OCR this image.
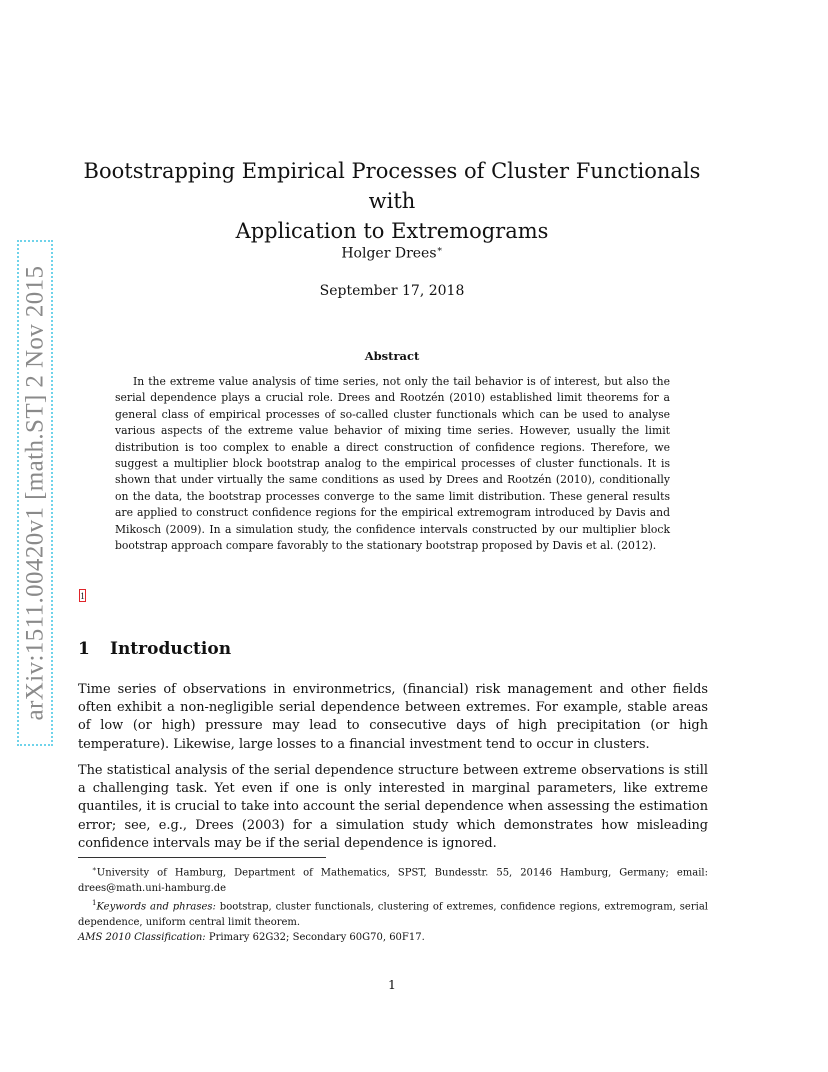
arXiv:1511.00420v1 [math.ST] 2 Nov 2015
Bootstrapping Empirical Processes of Cluster Functionals with
Application to Extremograms
Holger Drees∗
September 17, 2018
Abstract

In the extreme value analysis of time series, not only the tail behavior is of interest, but also the serial dependence plays a crucial role. Drees and Rootzén (2010) established limit theorems for a general class of empirical processes of so-called cluster functionals which can be used to analyse various aspects of the extreme value behavior of mixing time series. However, usually the limit distribution is too complex to enable a direct construction of confidence regions. Therefore, we suggest a multiplier block bootstrap analog to the empirical processes of cluster functionals. It is shown that under virtually the same conditions as used by Drees and Rootzén (2010), conditionally on the data, the bootstrap processes converge to the same limit distribution. These general results are applied to construct confidence regions for the empirical extremogram introduced by Davis and Mikosch (2009). In a simulation study, the confidence intervals constructed by our multiplier block bootstrap approach compare favorably to the stationary bootstrap proposed by Davis et al. (2012).

1
1 Introduction

Time series of observations in environmetrics, (financial) risk management and other fields often exhibit a non-negligible serial dependence between extremes. For example, stable areas of low (or high) pressure may lead to consecutive days of high precipitation (or high temperature). Likewise, large losses to a financial investment tend to occur in clusters.

The statistical analysis of the serial dependence structure between extreme observations is still a challenging task. Yet even if one is only interested in marginal parameters, like extreme quantiles, it is crucial to take into account the serial dependence when assessing the estimation error; see, e.g., Drees (2003) for a simulation study which demonstrates how misleading confidence intervals may be if the serial dependence is ignored.

∗University of Hamburg, Department of Mathematics, SPST, Bundesstr. 55, 20146 Hamburg, Germany; email: drees@math.uni-hamburg.de

$^1$Keywords and phrases: bootstrap, cluster functionals, clustering of extremes, confidence regions, extremogram, serial dependence, uniform central limit theorem.

AMS 2010 Classification: Primary 62G32; Secondary 60G70, 60F17.

1
